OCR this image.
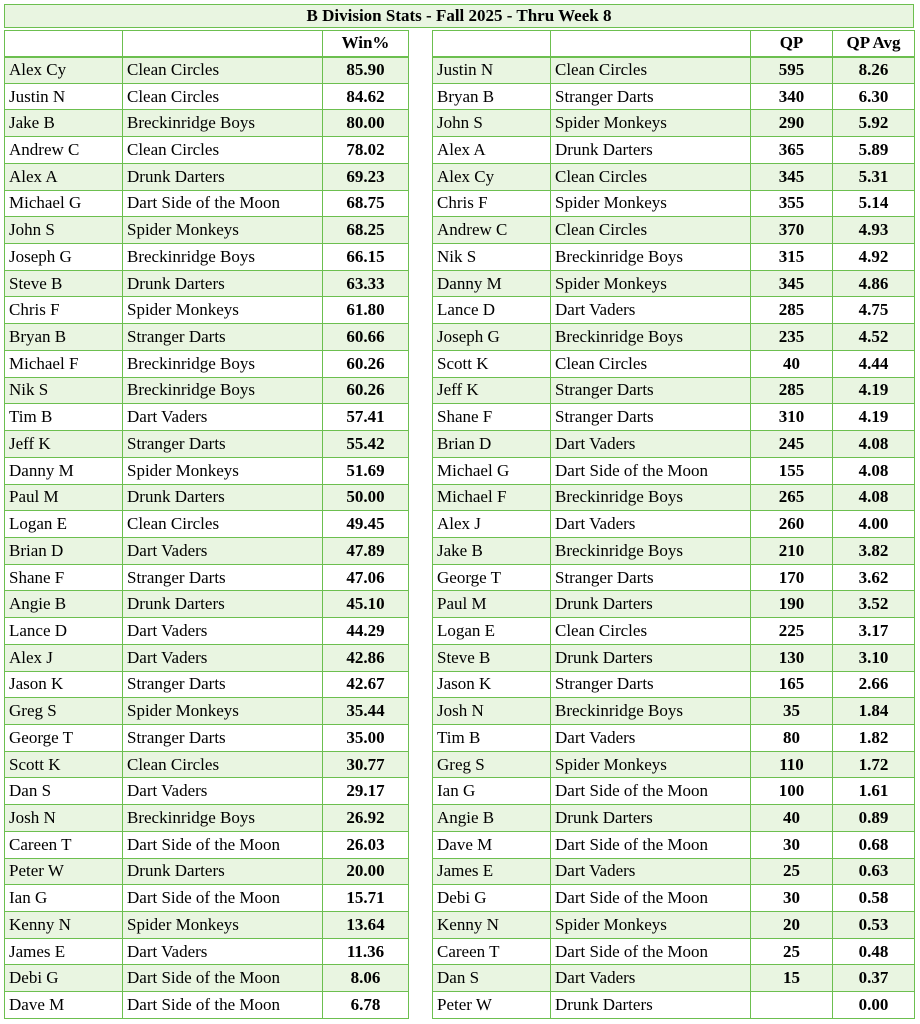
B Division Stats - Fall 2025 - Thru Week 8
		Win%
Alex Cy	Clean Circles	85.90
Justin N	Clean Circles	84.62
Jake B	Breckinridge Boys	80.00
Andrew C	Clean Circles	78.02
Alex A	Drunk Darters	69.23
Michael G	Dart Side of the Moon	68.75
John S	Spider Monkeys	68.25
Joseph G	Breckinridge Boys	66.15
Steve B	Drunk Darters	63.33
Chris F	Spider Monkeys	61.80
Bryan B	Stranger Darts	60.66
Michael F	Breckinridge Boys	60.26
Nik S	Breckinridge Boys	60.26
Tim B	Dart Vaders	57.41
Jeff K	Stranger Darts	55.42
Danny M	Spider Monkeys	51.69
Paul M	Drunk Darters	50.00
Logan E	Clean Circles	49.45
Brian D	Dart Vaders	47.89
Shane F	Stranger Darts	47.06
Angie B	Drunk Darters	45.10
Lance D	Dart Vaders	44.29
Alex J	Dart Vaders	42.86
Jason K	Stranger Darts	42.67
Greg S	Spider Monkeys	35.44
George T	Stranger Darts	35.00
Scott K	Clean Circles	30.77
Dan S	Dart Vaders	29.17
Josh N	Breckinridge Boys	26.92
Careen T	Dart Side of the Moon	26.03
Peter W	Drunk Darters	20.00
Ian G	Dart Side of the Moon	15.71
Kenny N	Spider Monkeys	13.64
James E	Dart Vaders	11.36
Debi G	Dart Side of the Moon	8.06
Dave M	Dart Side of the Moon	6.78
		QP	QP Avg
Justin N	Clean Circles	595	8.26
Bryan B	Stranger Darts	340	6.30
John S	Spider Monkeys	290	5.92
Alex A	Drunk Darters	365	5.89
Alex Cy	Clean Circles	345	5.31
Chris F	Spider Monkeys	355	5.14
Andrew C	Clean Circles	370	4.93
Nik S	Breckinridge Boys	315	4.92
Danny M	Spider Monkeys	345	4.86
Lance D	Dart Vaders	285	4.75
Joseph G	Breckinridge Boys	235	4.52
Scott K	Clean Circles	40	4.44
Jeff K	Stranger Darts	285	4.19
Shane F	Stranger Darts	310	4.19
Brian D	Dart Vaders	245	4.08
Michael G	Dart Side of the Moon	155	4.08
Michael F	Breckinridge Boys	265	4.08
Alex J	Dart Vaders	260	4.00
Jake B	Breckinridge Boys	210	3.82
George T	Stranger Darts	170	3.62
Paul M	Drunk Darters	190	3.52
Logan E	Clean Circles	225	3.17
Steve B	Drunk Darters	130	3.10
Jason K	Stranger Darts	165	2.66
Josh N	Breckinridge Boys	35	1.84
Tim B	Dart Vaders	80	1.82
Greg S	Spider Monkeys	110	1.72
Ian G	Dart Side of the Moon	100	1.61
Angie B	Drunk Darters	40	0.89
Dave M	Dart Side of the Moon	30	0.68
James E	Dart Vaders	25	0.63
Debi G	Dart Side of the Moon	30	0.58
Kenny N	Spider Monkeys	20	0.53
Careen T	Dart Side of the Moon	25	0.48
Dan S	Dart Vaders	15	0.37
Peter W	Drunk Darters		0.00
